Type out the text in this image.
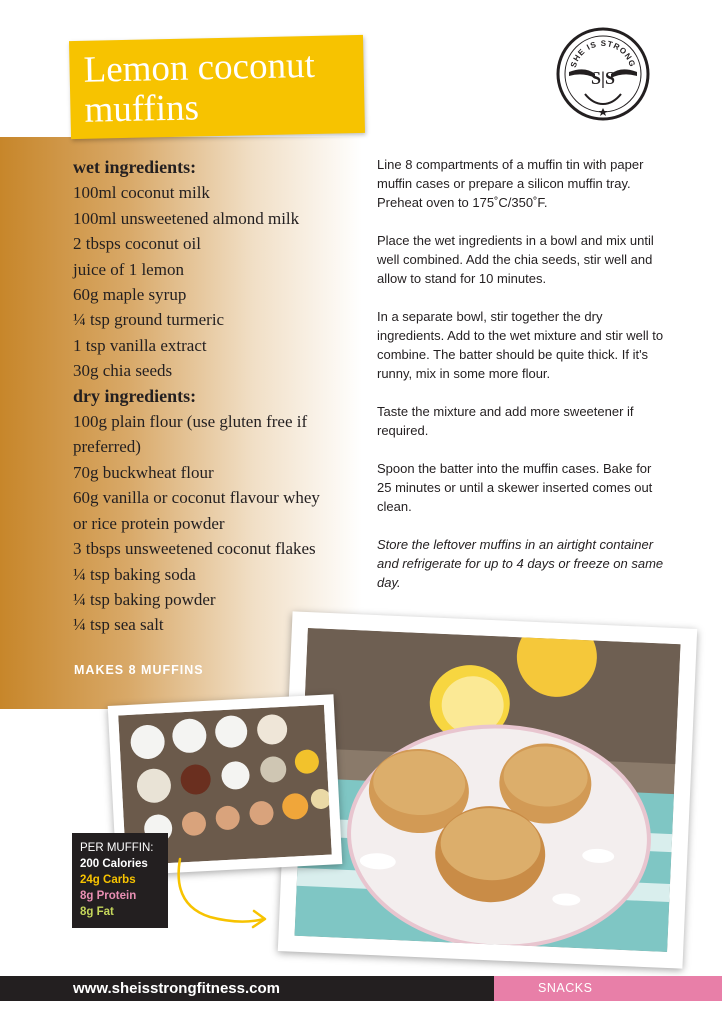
Lemon coconut
muffins
SHE IS STRONG
S|S
wet ingredients:
100ml coconut milk
100ml unsweetened almond milk
2 tbsps coconut oil
juice of 1 lemon
60g maple syrup
¼ tsp ground turmeric
1 tsp vanilla extract
30g chia seeds
dry ingredients:
100g plain flour (use gluten free if
preferred)
70g buckwheat flour
60g vanilla or coconut flavour whey
or rice protein powder
3 tbsps unsweetened coconut flakes
¼ tsp baking soda
¼ tsp baking powder
¼ tsp sea salt
MAKES 8 MUFFINS

Line 8 compartments of a muffin tin with paper muffin cases or prepare a silicon muffin tray. Preheat oven to 175˚C/350˚F.

Place the wet ingredients in a bowl and mix until well combined. Add the chia seeds, stir well and allow to stand for 10 minutes.

In a separate bowl, stir together the dry ingredients. Add to the wet mixture and stir well to combine. The batter should be quite thick. If it's runny, mix in some more flour.

Taste the mixture and add more sweetener if required.

Spoon the batter into the muffin cases. Bake for 25 minutes or until a skewer inserted comes out clean.

Store the leftover muffins in an airtight container and refrigerate for up to 4 days or freeze on same day.

PER MUFFIN:
200 Calories
24g Carbs
8g Protein
8g Fat
www.sheisstrongfitness.com	SNACKS
